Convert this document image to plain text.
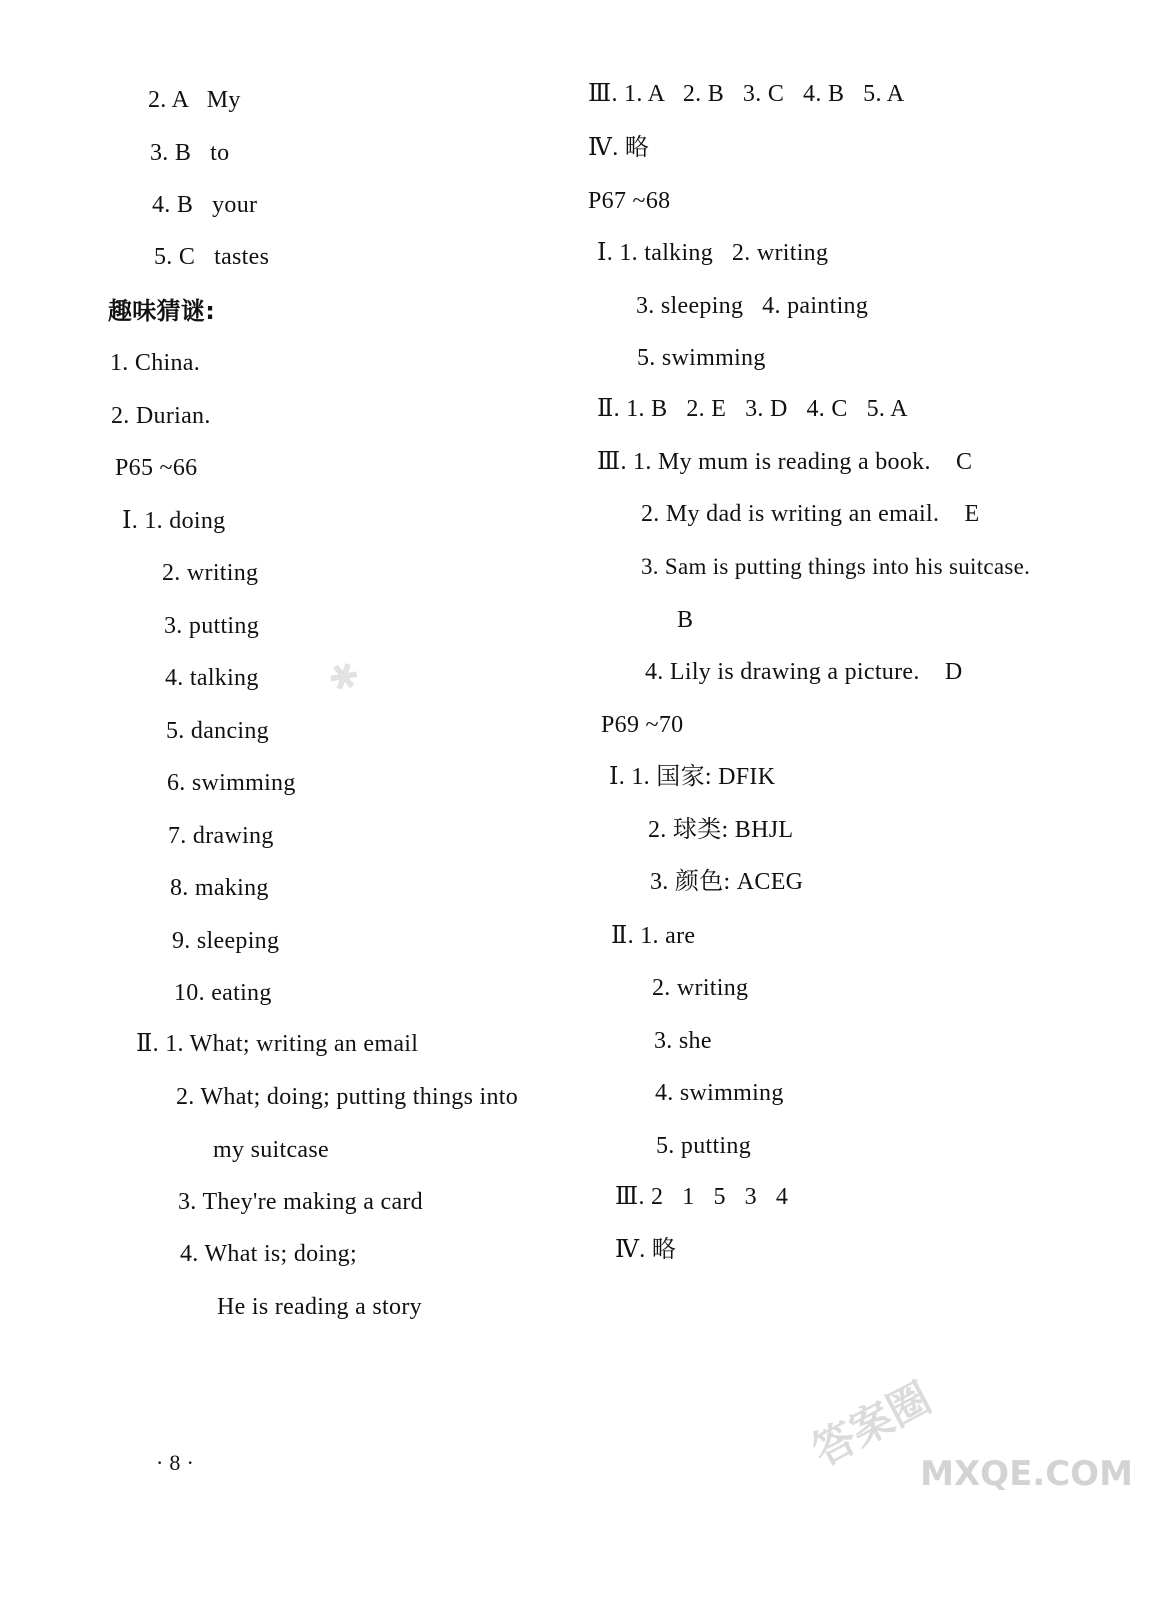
2. A   My
3. B   to
4. B   your
5. C   tastes
趣味猜谜:
1. China.
2. Durian.
P65 ~66
Ⅰ. 1. doing
2. writing
3. putting
4. talking
5. dancing
6. swimming
7. drawing
8. making
9. sleeping
10. eating
Ⅱ. 1. What; writing an email
2. What; doing; putting things into
my suitcase
3. They're making a card
4. What is; doing;
He is reading a story
Ⅲ. 1. A   2. B   3. C   4. B   5. A
Ⅳ. 略
P67 ~68
Ⅰ. 1. talking   2. writing
3. sleeping   4. painting
5. swimming
Ⅱ. 1. B   2. E   3. D   4. C   5. A
Ⅲ. 1. My mum is reading a book.    C
2. My dad is writing an email.    E
3. Sam is putting things into his suitcase.
B
4. Lily is drawing a picture.    D
P69 ~70
Ⅰ. 1. 国家: DFIK
2. 球类: BHJL
3. 颜色: ACEG
Ⅱ. 1. are
2. writing
3. she
4. swimming
5. putting
Ⅲ. 2   1   5   3   4
Ⅳ. 略
· 8 ·
✱
答案圈
MXQE.COM
